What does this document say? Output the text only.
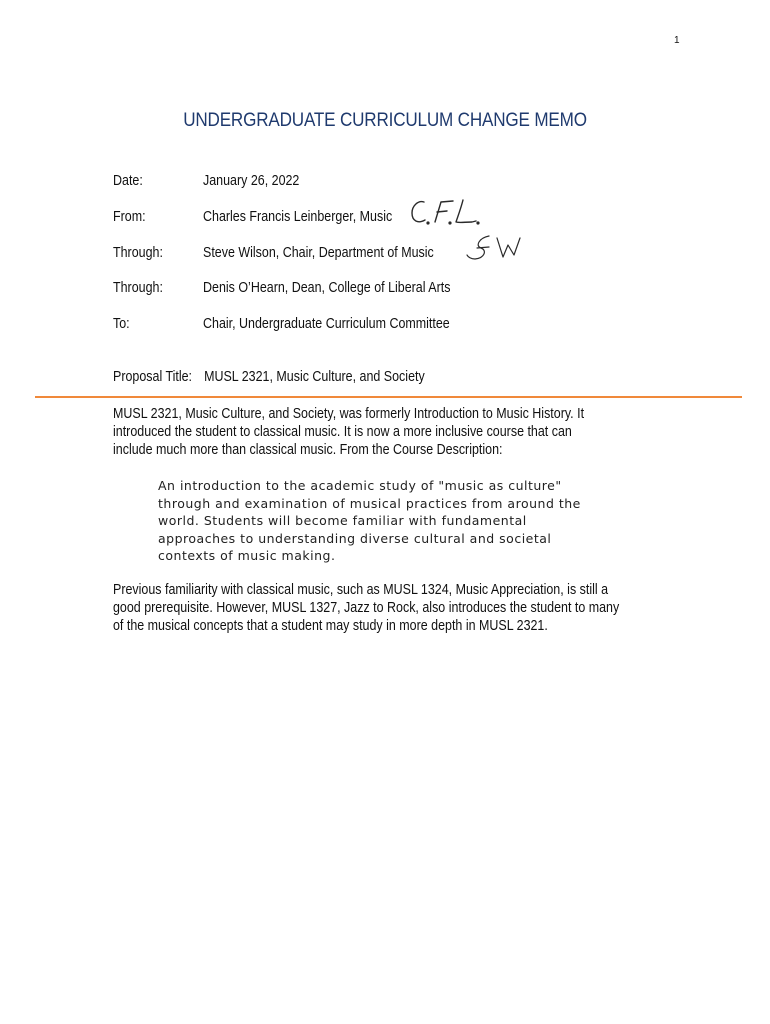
1
UNDERGRADUATE CURRICULUM CHANGE MEMO
Date:	January 26, 2022
From:	Charles Francis Leinberger, Music
Through:	Steve Wilson, Chair, Department of Music
Through:	Denis O’Hearn, Dean, College of Liberal Arts
To:	Chair, Undergraduate Curriculum Committee
Proposal Title: MUSL 2321, Music Culture, and Society
MUSL 2321, Music Culture, and Society, was formerly Introduction to Music History. It
introduced the student to classical music. It is now a more inclusive course that can
include much more than classical music. From the Course Description:
An introduction to the academic study of "music as culture"
through and examination of musical practices from around the
world. Students will become familiar with fundamental
approaches to understanding diverse cultural and societal
contexts of music making.
Previous familiarity with classical music, such as MUSL 1324, Music Appreciation, is still a
good prerequisite. However, MUSL 1327, Jazz to Rock, also introduces the student to many
of the musical concepts that a student may study in more depth in MUSL 2321.
